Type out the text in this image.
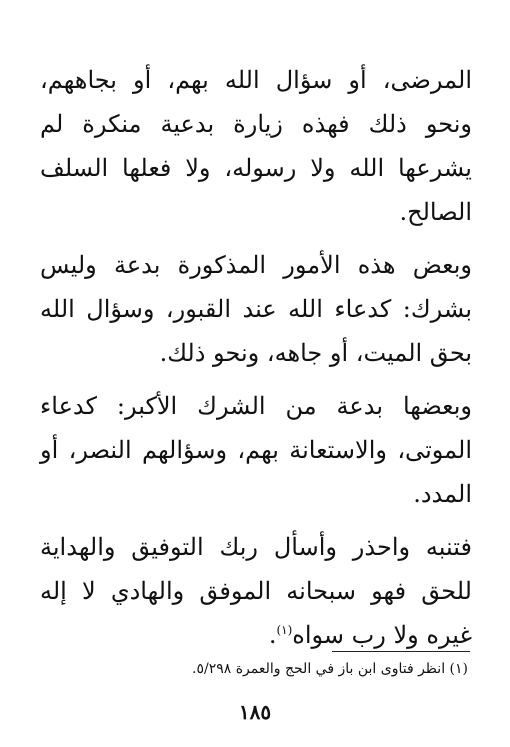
المرضى، أو سؤال الله بهم، أو بجاههم، ونحو ذلك فهذه زيارة بدعية منكرة لم يشرعها الله ولا رسوله، ولا فعلها السلف الصالح.

وبعض هذه الأمور المذكورة بدعة وليس بشرك: كدعاء الله عند القبور، وسؤال الله بحق الميت، أو جاهه، ونحو ذلك.

وبعضها بدعة من الشرك الأكبر: كدعاء الموتى، والاستعانة بهم، وسؤالهم النصر، أو المدد.

فتنبه واحذر وأسأل ربك التوفيق والهداية للحق فهو سبحانه الموفق والهادي لا إله غيره ولا رب سواه$^{(١)}$.

(١) انظر فتاوى ابن باز في الحج والعمرة ٥/٢٩٨.

١٨٥
